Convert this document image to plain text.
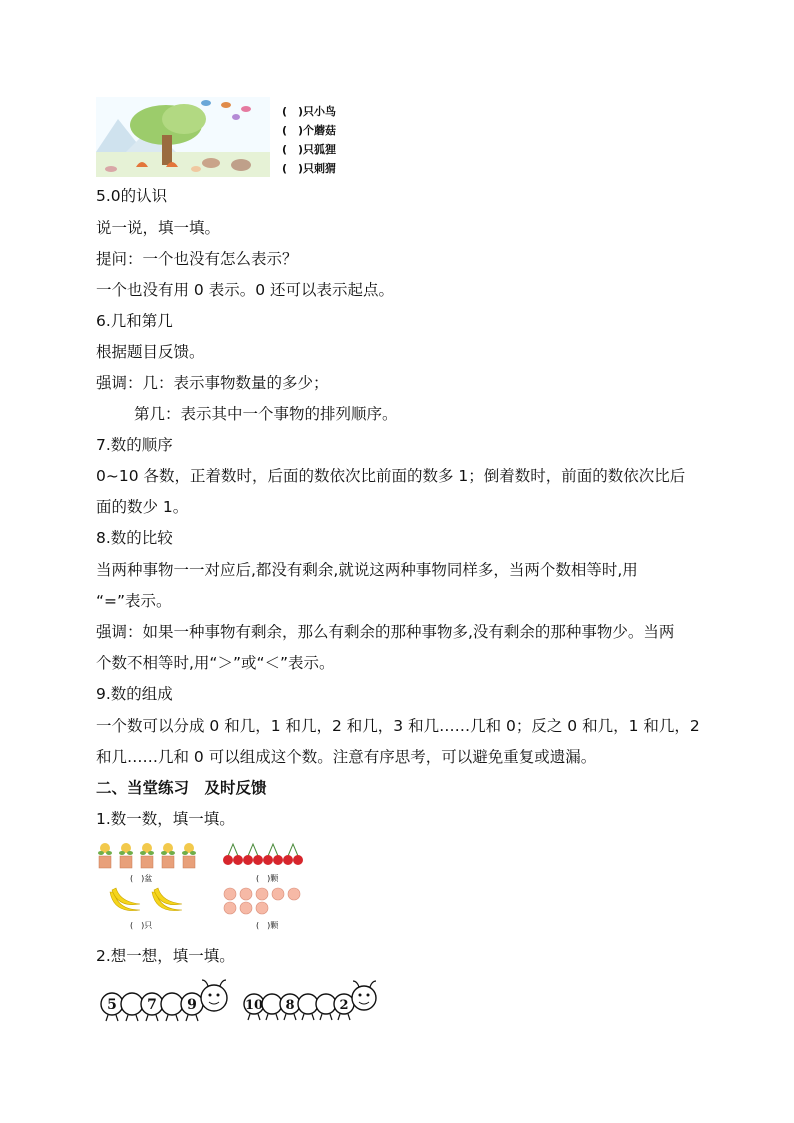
(　)只小鸟
(　)个蘑菇
(　)只狐狸
(　)只刺猬
5.0的认识
说一说，填一填。
提问：一个也没有怎么表示？
一个也没有用 0 表示。0 还可以表示起点。
6.几和第几
根据题目反馈。
强调：几：表示事物数量的多少；
第几：表示其中一个事物的排列顺序。
7.数的顺序
0~10 各数，正着数时，后面的数依次比前面的数多 1；倒着数时，前面的数依次比后
面的数少 1。
8.数的比较
当两种事物一一对应后,都没有剩余,就说这两种事物同样多，当两个数相等时,用
“=”表示。
强调：如果一种事物有剩余，那么有剩余的那种事物多,没有剩余的那种事物少。当两
个数不相等时,用“＞”或“＜”表示。
9.数的组成
一个数可以分成 0 和几，1 和几，2 和几，3 和几……几和 0；反之 0 和几，1 和几，2
和几……几和 0 可以组成这个数。注意有序思考，可以避免重复或遗漏。
二、当堂练习　及时反馈
1.数一数，填一填。
(　)盆	(　)颗
(　)只	(　)颗
2.想一想，填一填。
5 7 9	10 8	2
